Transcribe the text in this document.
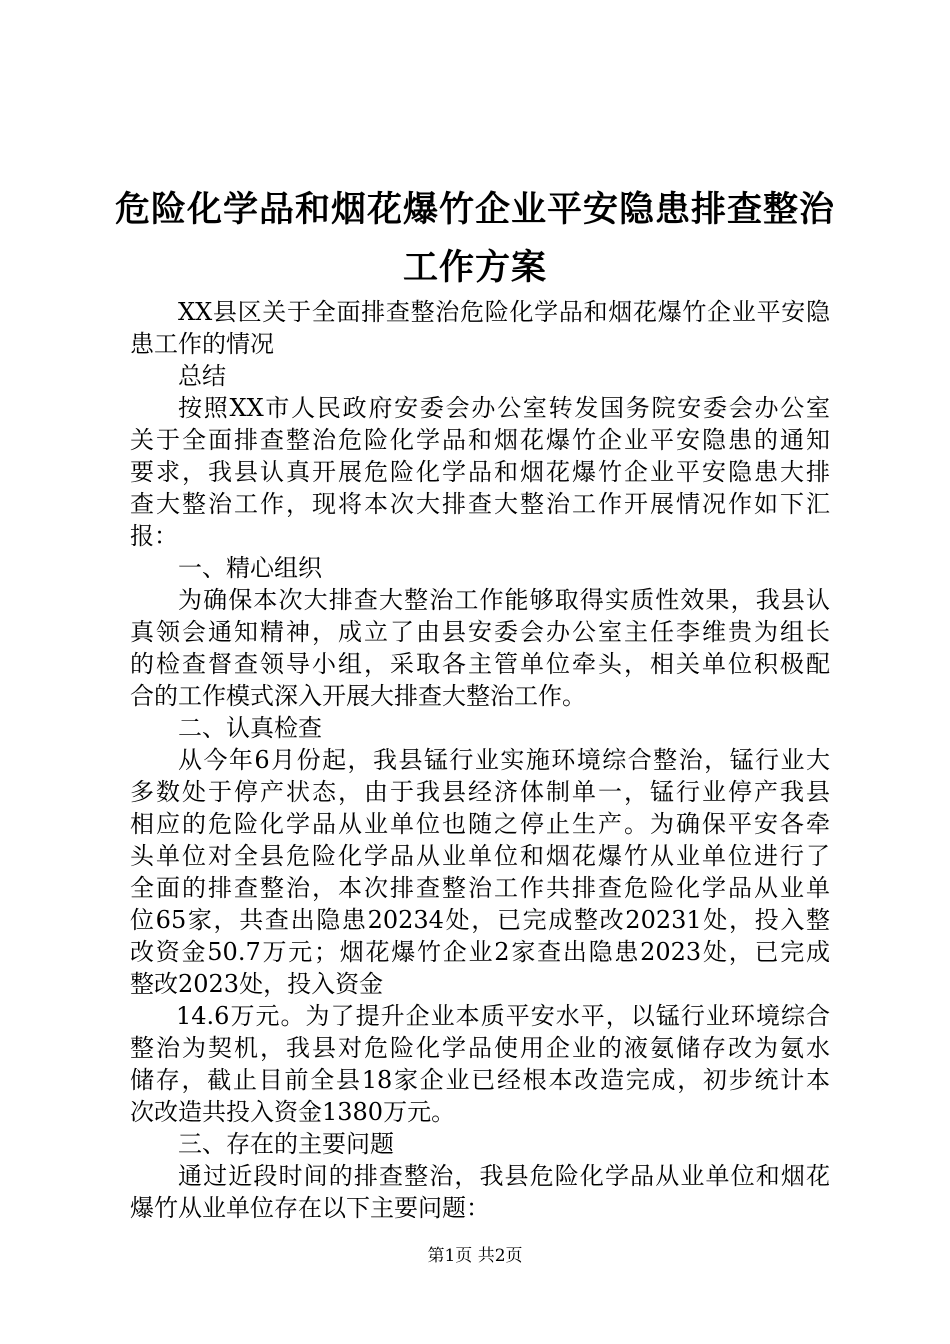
危险化学品和烟花爆竹企业平安隐患排查整治
工作方案
XX县区关于全面排查整治危险化学品和烟花爆竹企业平安隐
患工作的情况
总结
按照XX市人民政府安委会办公室转发国务院安委会办公室
关于全面排查整治危险化学品和烟花爆竹企业平安隐患的通知
要求，我县认真开展危险化学品和烟花爆竹企业平安隐患大排
查大整治工作，现将本次大排查大整治工作开展情况作如下汇
报：
一、精心组织
为确保本次大排查大整治工作能够取得实质性效果，我县认
真领会通知精神，成立了由县安委会办公室主任李维贵为组长
的检查督查领导小组，采取各主管单位牵头，相关单位积极配
合的工作模式深入开展大排查大整治工作。
二、认真检查
从今年6月份起，我县锰行业实施环境综合整治，锰行业大
多数处于停产状态，由于我县经济体制单一，锰行业停产我县
相应的危险化学品从业单位也随之停止生产。为确保平安各牵
头单位对全县危险化学品从业单位和烟花爆竹从业单位进行了
全面的排查整治，本次排查整治工作共排查危险化学品从业单
位65家，共查出隐患20234处，已完成整改20231处，投入整
改资金50.7万元；烟花爆竹企业2家查出隐患2023处，已完成
整改2023处，投入资金
14.6万元。为了提升企业本质平安水平，以锰行业环境综合
整治为契机，我县对危险化学品使用企业的液氨储存改为氨水
储存，截止目前全县18家企业已经根本改造完成，初步统计本
次改造共投入资金1380万元。
三、存在的主要问题
通过近段时间的排查整治，我县危险化学品从业单位和烟花
爆竹从业单位存在以下主要问题：
第1页 共2页
